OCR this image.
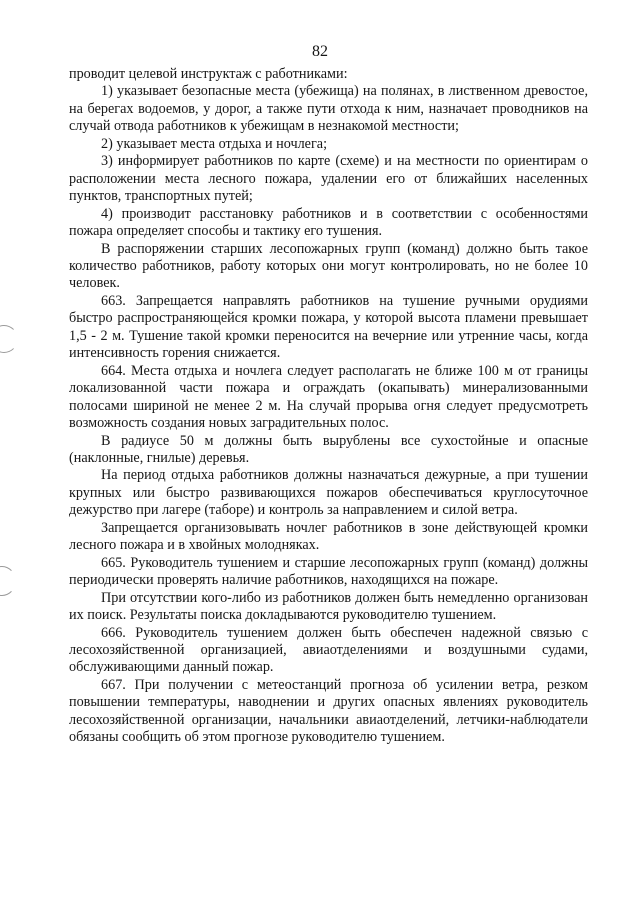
82

проводит целевой инструктаж с работниками:

1) указывает безопасные места (убежища) на полянах, в лиственном древостое, на берегах водоемов, у дорог, а также пути отхода к ним, назначает проводников на случай отвода работников к убежищам в незнакомой местности;

2) указывает места отдыха и ночлега;

3) информирует работников по карте (схеме) и на местности по ориентирам о расположении места лесного пожара, удалении его от ближайших населенных пунктов, транспортных путей;

4) производит расстановку работников и в соответствии с особенностями пожара определяет способы и тактику его тушения.

В распоряжении старших лесопожарных групп (команд) должно быть такое количество работников, работу которых они могут контролировать, но не более 10 человек.

663. Запрещается направлять работников на тушение ручными орудиями быстро распространяющейся кромки пожара, у которой высота пламени превышает 1,5 - 2 м. Тушение такой кромки переносится на вечерние или утренние часы, когда интенсивность горения снижается.

664. Места отдыха и ночлега следует располагать не ближе 100 м от границы локализованной части пожара и ограждать (окапывать) минерализованными полосами шириной не менее 2 м. На случай прорыва огня следует предусмотреть возможность создания новых заградительных полос.

В радиусе 50 м должны быть вырублены все сухостойные и опасные (наклонные, гнилые) деревья.

На период отдыха работников должны назначаться дежурные, а при тушении крупных или быстро развивающихся пожаров обеспечиваться круглосуточное дежурство при лагере (таборе) и контроль за направлением и силой ветра.

Запрещается организовывать ночлег работников в зоне действующей кромки лесного пожара и в хвойных молодняках.

665. Руководитель тушением и старшие лесопожарных групп (команд) должны периодически проверять наличие работников, находящихся на пожаре.

При отсутствии кого-либо из работников должен быть немедленно организован их поиск. Результаты поиска докладываются руководителю тушением.

666. Руководитель тушением должен быть обеспечен надежной связью с лесохозяйственной организацией, авиаотделениями и воздушными судами, обслуживающими данный пожар.

667. При получении с метеостанций прогноза об усилении ветра, резком повышении температуры, наводнении и других опасных явлениях руководитель лесохозяйственной организации, начальники авиаотделений, летчики-наблюдатели обязаны сообщить об этом прогнозе руководителю тушением.
